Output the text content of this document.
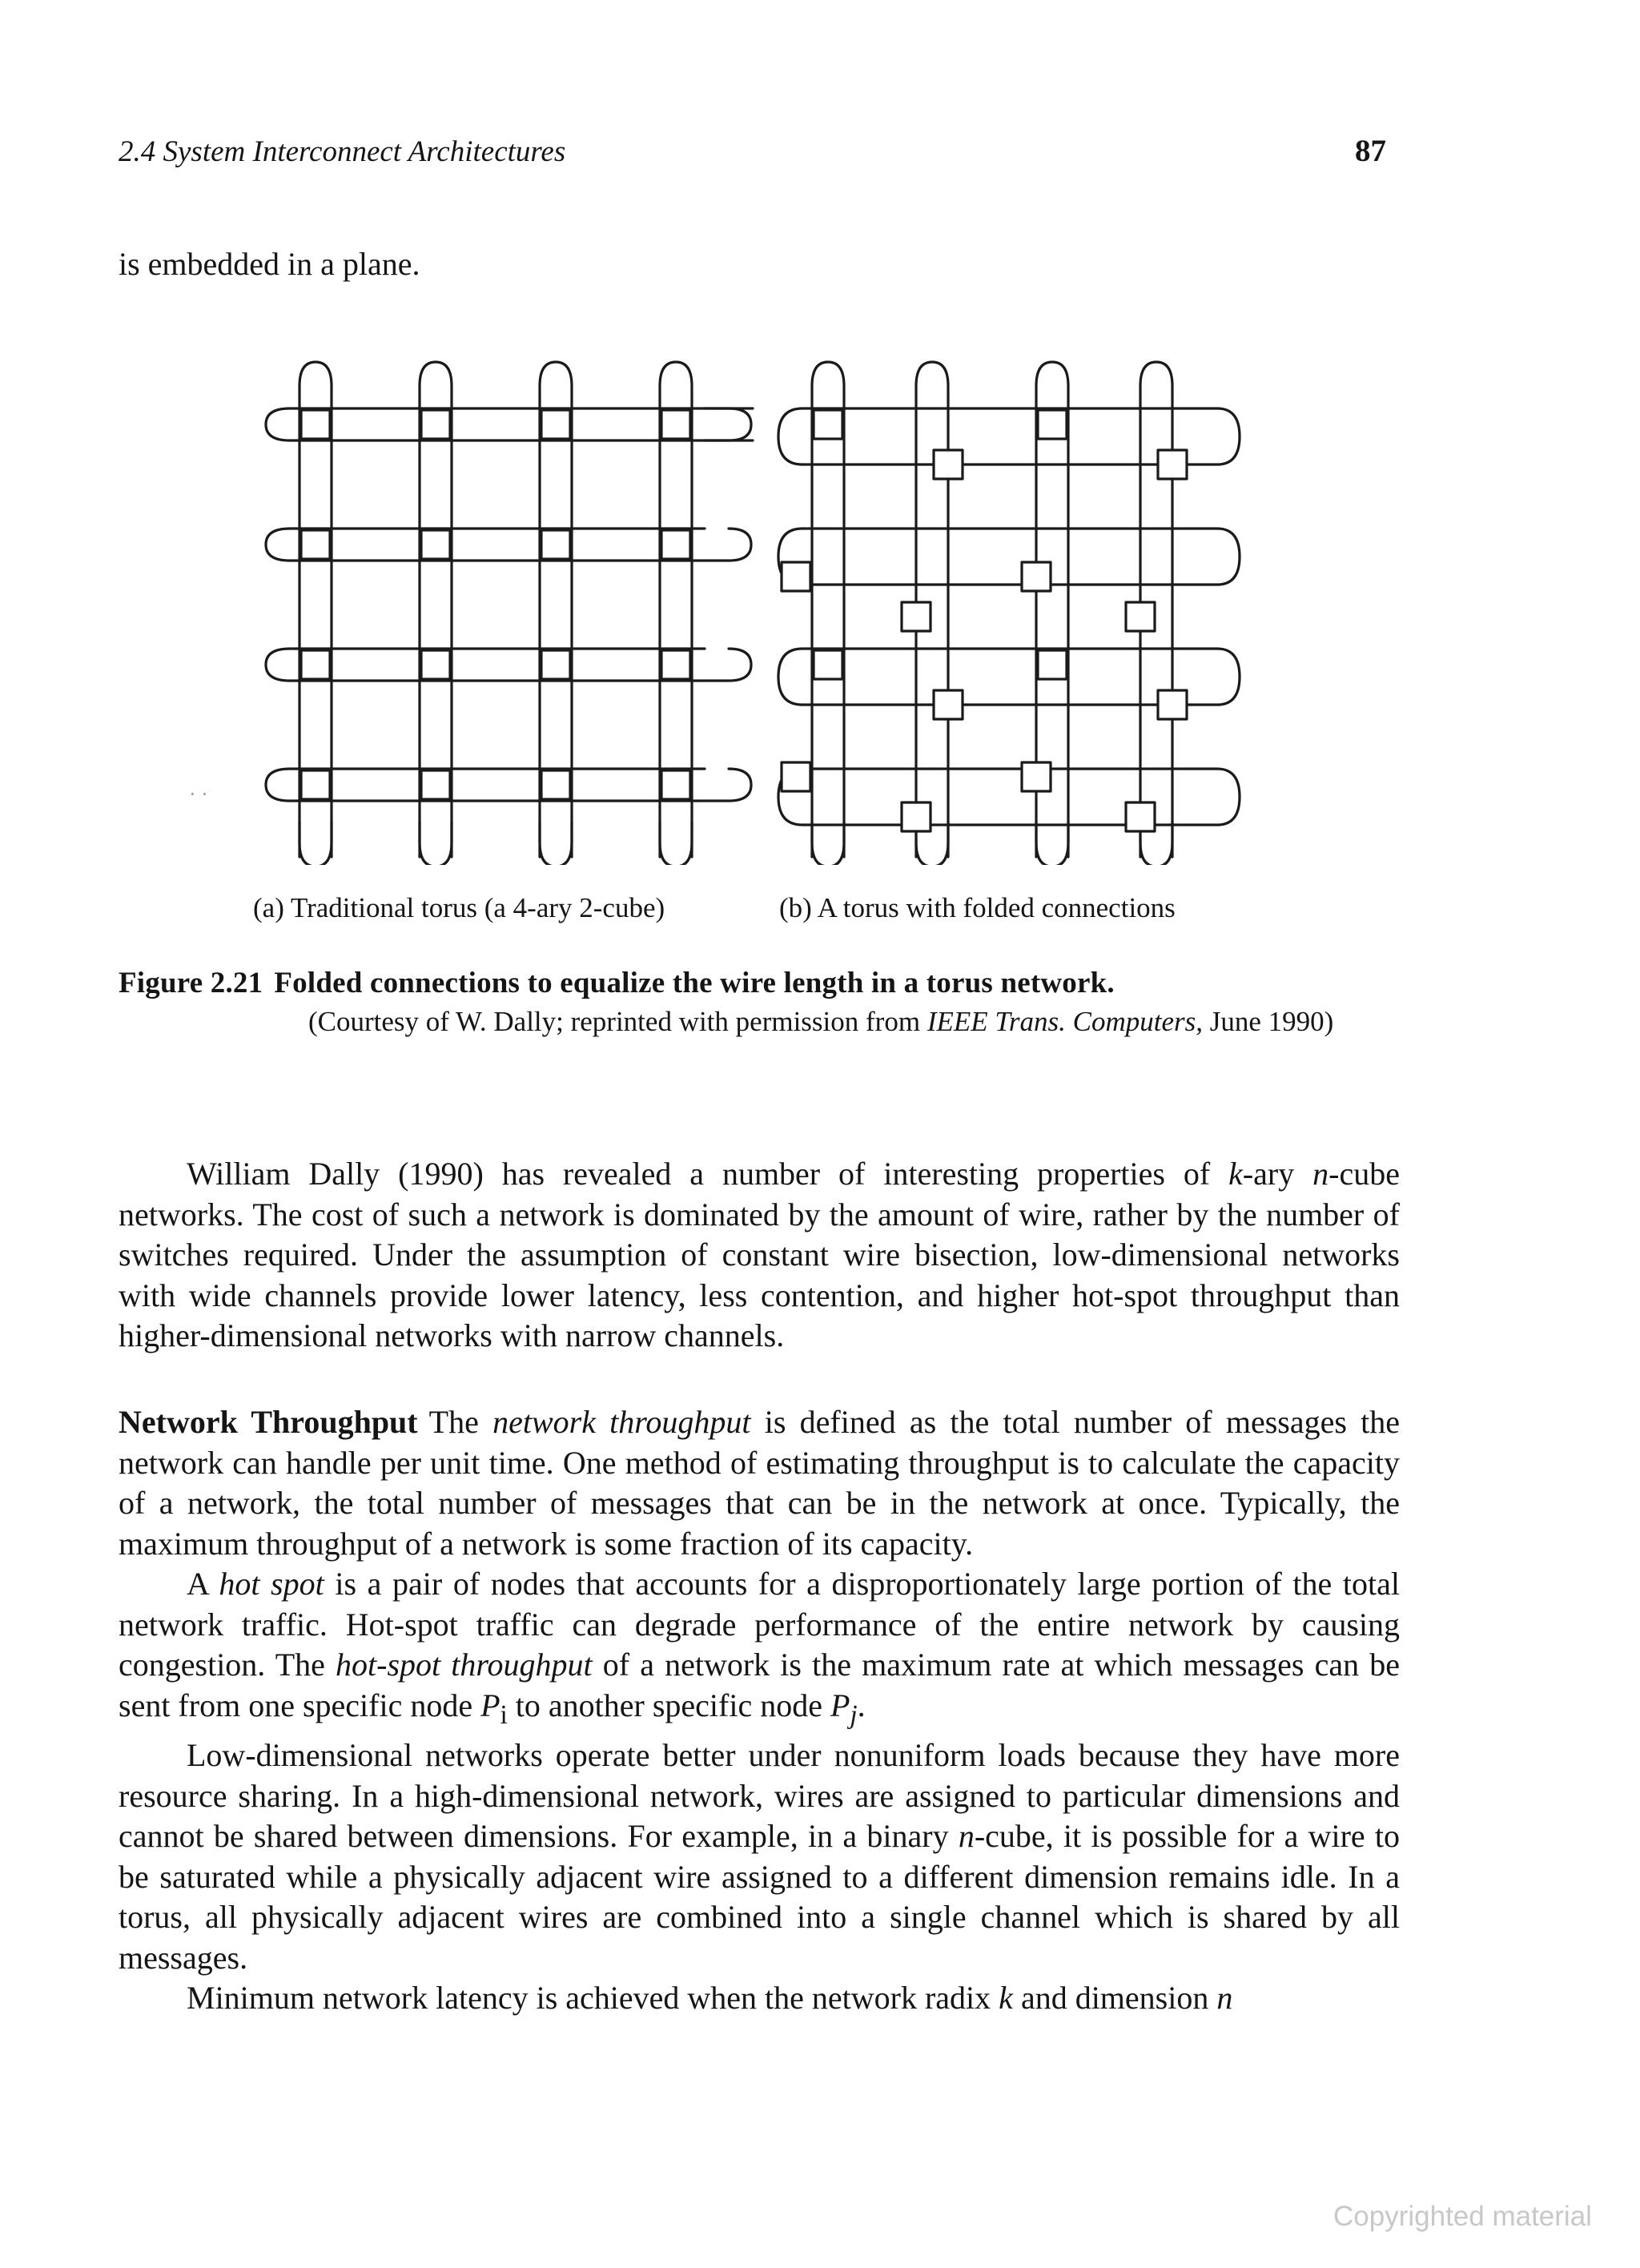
2.4 System Interconnect Architectures	87
is embedded in a plane.
· ·
(a) Traditional torus (a 4-ary 2-cube)	(b) A torus with folded connections
Figure 2.21 Folded connections to equalize the wire length in a torus network.
(Courtesy of W. Dally; reprinted with permission from IEEE Trans. Computers, June 1990)

William Dally (1990) has revealed a number of interesting properties of k-ary n-cube networks. The cost of such a network is dominated by the amount of wire, rather by the number of switches required. Under the assumption of constant wire bisection, low-dimensional networks with wide channels provide lower latency, less contention, and higher hot-spot throughput than higher-dimensional networks with narrow channels.

Network Throughput The network throughput is defined as the total number of messages the network can handle per unit time. One method of estimating throughput is to calculate the capacity of a network, the total number of messages that can be in the network at once. Typically, the maximum throughput of a network is some fraction of its capacity.

A hot spot is a pair of nodes that accounts for a disproportionately large portion of the total network traffic. Hot-spot traffic can degrade performance of the entire network by causing congestion. The hot-spot throughput of a network is the maximum rate at which messages can be sent from one specific node $P_i$ to another specific node $P_j$.

Low-dimensional networks operate better under nonuniform loads because they have more resource sharing. In a high-dimensional network, wires are assigned to particular dimensions and cannot be shared between dimensions. For example, in a binary n-cube, it is possible for a wire to be saturated while a physically adjacent wire assigned to a different dimension remains idle. In a torus, all physically adjacent wires are combined into a single channel which is shared by all messages.

Minimum network latency is achieved when the network radix k and dimension n

Copyrighted material
